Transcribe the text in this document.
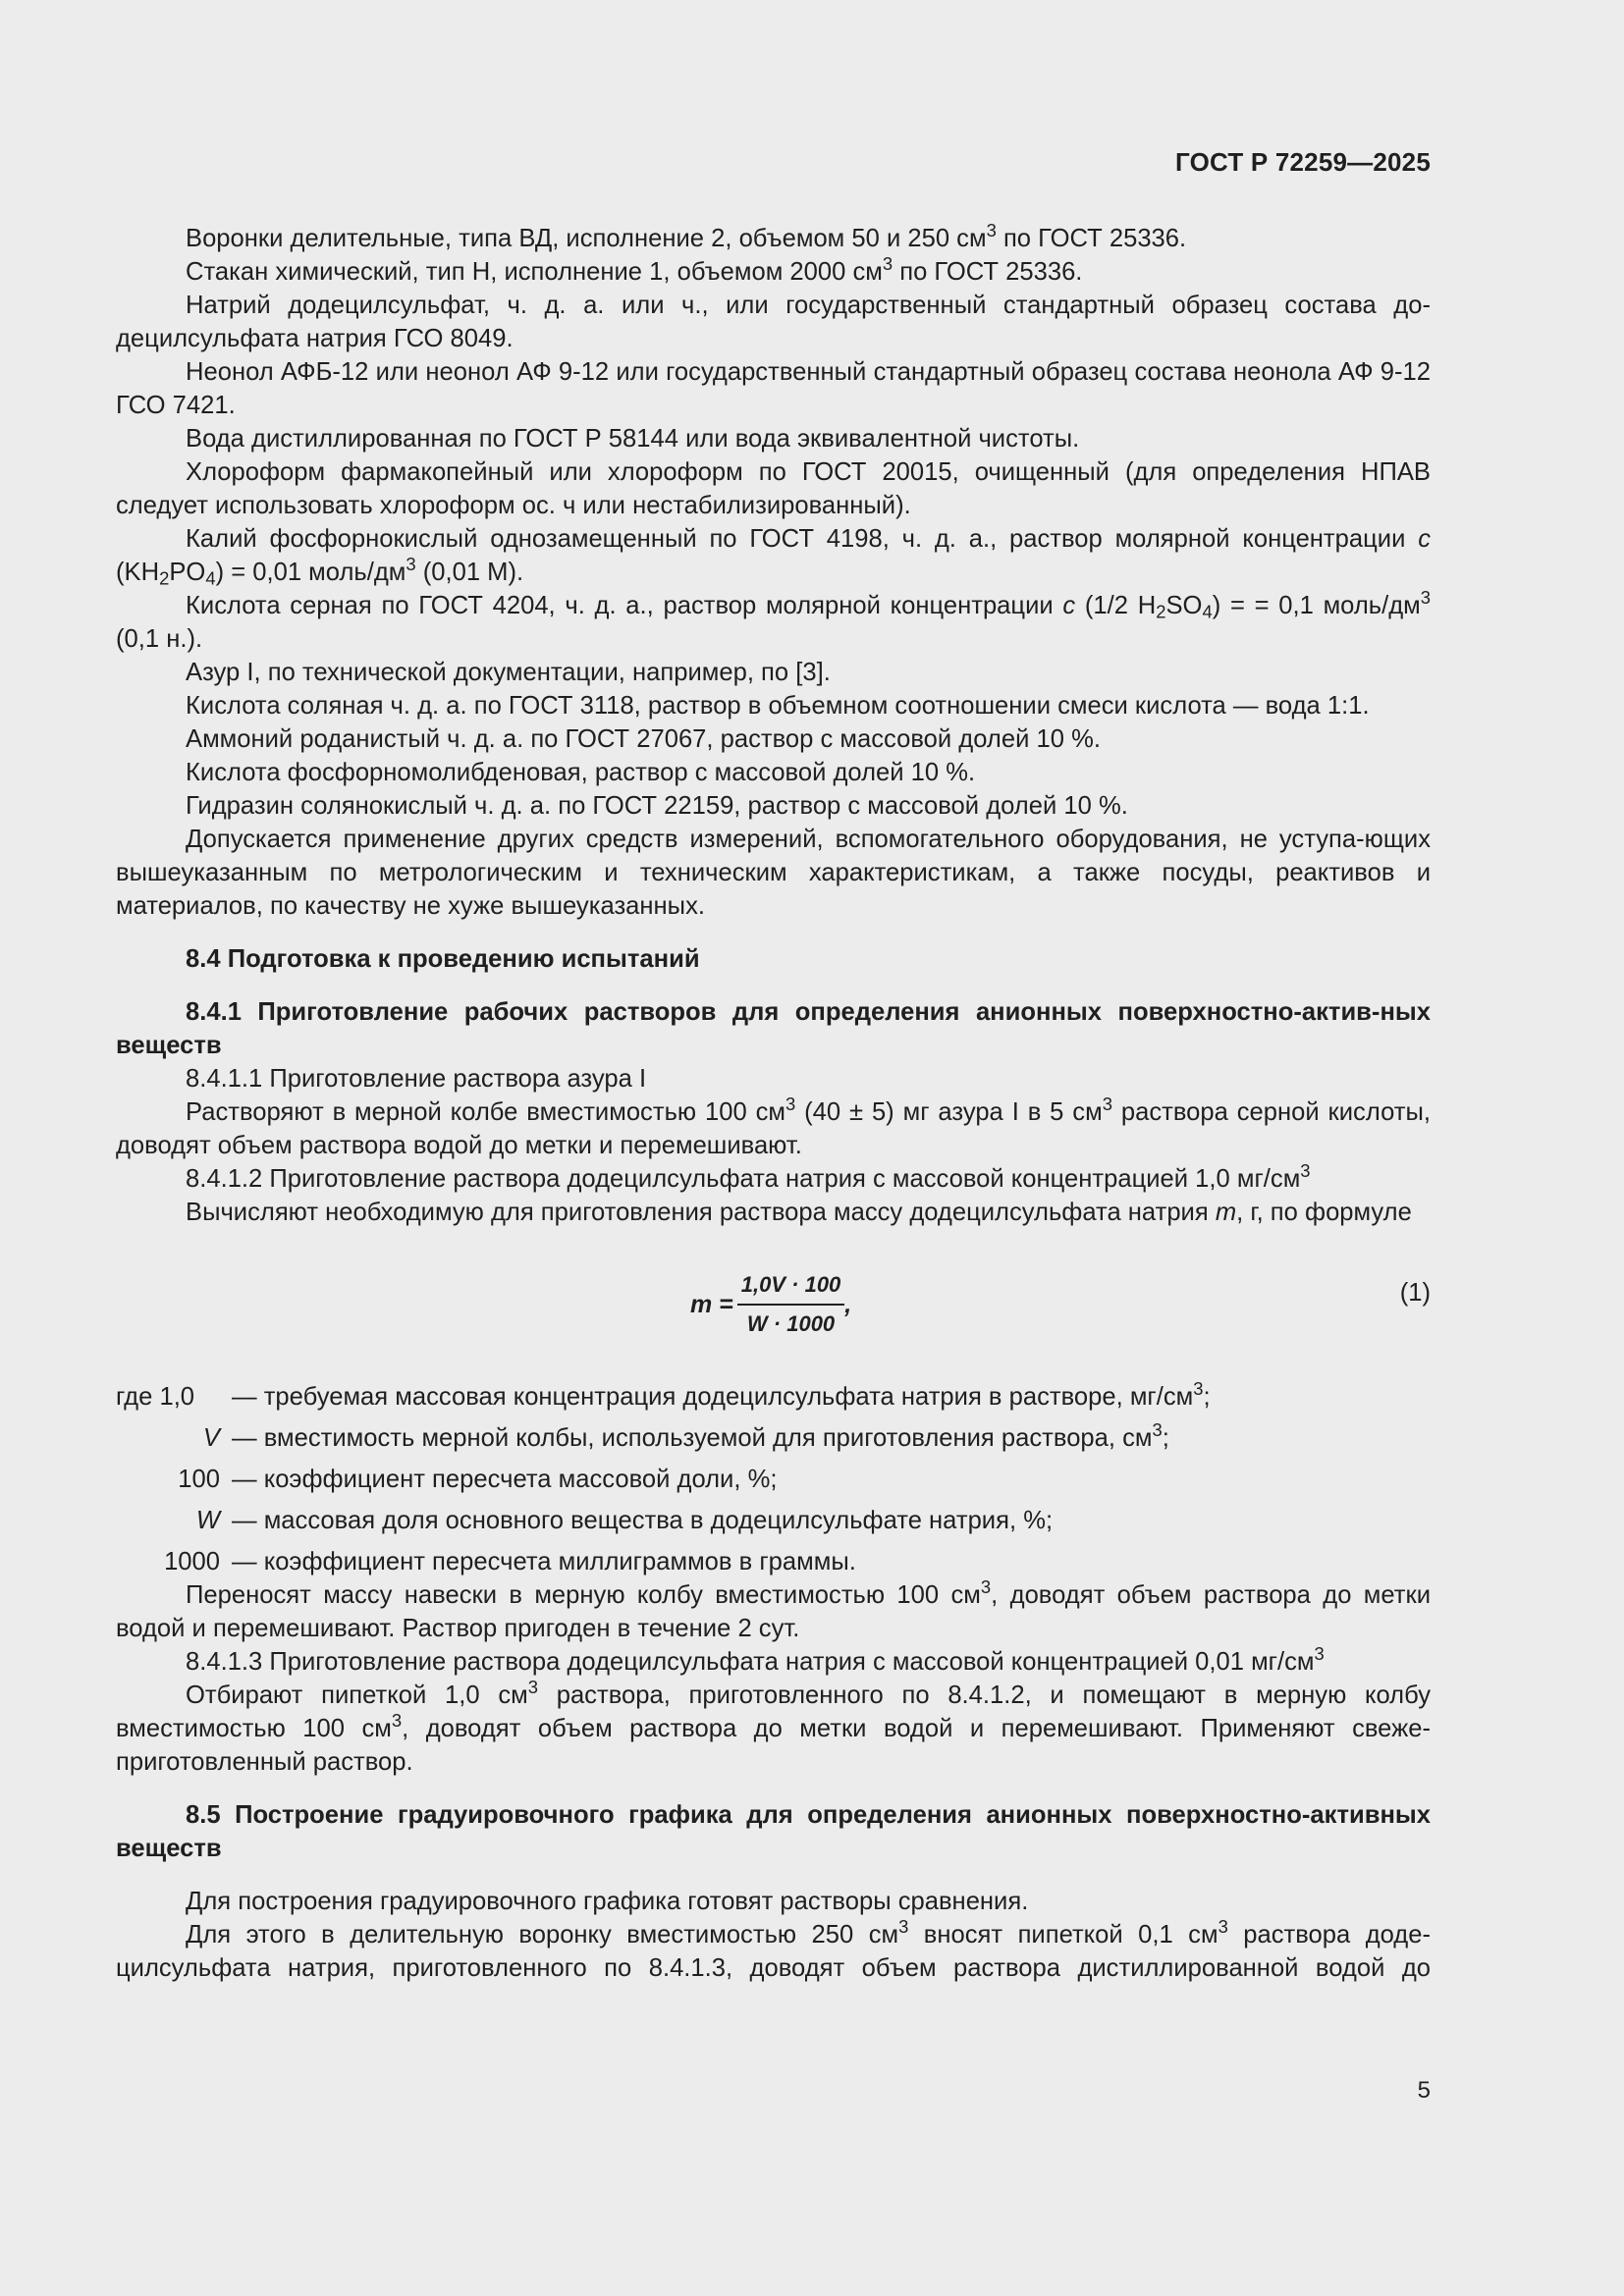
ГОСТ Р 72259—2025

Воронки делительные, типа ВД, исполнение 2, объемом 50 и 250 $см^3$ по ГОСТ 25336.

Стакан химический, тип Н, исполнение 1, объемом 2000 $см^3$ по ГОСТ 25336.

Натрий додецилсульфат, ч. д. а. или ч., или государственный стандартный образец состава до-децилсульфата натрия ГСО 8049.

Неонол АФБ-12 или неонол АФ 9-12 или государственный стандартный образец состава неонола АФ 9-12 ГСО 7421.

Вода дистиллированная по ГОСТ Р 58144 или вода эквивалентной чистоты.

Хлороформ фармакопейный или хлороформ по ГОСТ 20015, очищенный (для определения НПАВ следует использовать хлороформ ос. ч или нестабилизированный).

Калий фосфорнокислый однозамещенный по ГОСТ 4198, ч. д. а., раствор молярной концентрации с $(KH_2PO_4) = 0,01$ моль/$дм^3$ (0,01 М).

Кислота серная по ГОСТ 4204, ч. д. а., раствор молярной концентрации с (1/2 $H_2SO_4$) = = 0,1 моль/$дм^3$ (0,1 н.).

Азур I, по технической документации, например, по [3].

Кислота соляная ч. д. а. по ГОСТ 3118, раствор в объемном соотношении смеси кислота — вода 1:1.

Аммоний роданистый ч. д. а. по ГОСТ 27067, раствор с массовой долей 10 %.

Кислота фосфорномолибденовая, раствор с массовой долей 10 %.

Гидразин солянокислый ч. д. а. по ГОСТ 22159, раствор с массовой долей 10 %.

Допускается применение других средств измерений, вспомогательного оборудования, не уступа-ющих вышеуказанным по метрологическим и техническим характеристикам, а также посуды, реактивов и материалов, по качеству не хуже вышеуказанных.

8.4 Подготовка к проведению испытаний
8.4.1 Приготовление рабочих растворов для определения анионных поверхностно-актив-ных веществ

8.4.1.1 Приготовление раствора азура I

Растворяют в мерной колбе вместимостью 100 $см^3$ (40 ± 5) мг азура I в 5 $см^3$ раствора серной кислоты, доводят объем раствора водой до метки и перемешивают.

8.4.1.2 Приготовление раствора додецилсульфата натрия с массовой концентрацией 1,0 $мг/см^3$

Вычисляют необходимую для приготовления раствора массу додецилсульфата натрия m, г, по формуле

$m = \frac{1,0V \cdot 100}{W \cdot 1000}$ ,	(1)
где 1,0	— требуемая массовая концентрация додецилсульфата натрия в растворе, $мг/см^3$;
V — вместимость мерной колбы, используемой для приготовления раствора, $см^3$;
100 — коэффициент пересчета массовой доли, %;
W — массовая доля основного вещества в додецилсульфате натрия, %;
1000 — коэффициент пересчета миллиграммов в граммы.

Переносят массу навески в мерную колбу вместимостью 100 $см^3$, доводят объем раствора до метки водой и перемешивают. Раствор пригоден в течение 2 сут.

8.4.1.3 Приготовление раствора додецилсульфата натрия с массовой концентрацией 0,01 $мг/см^3$

Отбирают пипеткой 1,0 $см^3$ раствора, приготовленного по 8.4.1.2, и помещают в мерную колбу вместимостью 100 $см^3$, доводят объем раствора до метки водой и перемешивают. Применяют свеже-приготовленный раствор.

8.5 Построение градуировочного графика для определения анионных поверхностно-активных веществ

Для построения градуировочного графика готовят растворы сравнения.

Для этого в делительную воронку вместимостью 250 $см^3$ вносят пипеткой 0,1 $см^3$ раствора доде-цилсульфата натрия, приготовленного по 8.4.1.3, доводят объем раствора дистиллированной водой до

5
